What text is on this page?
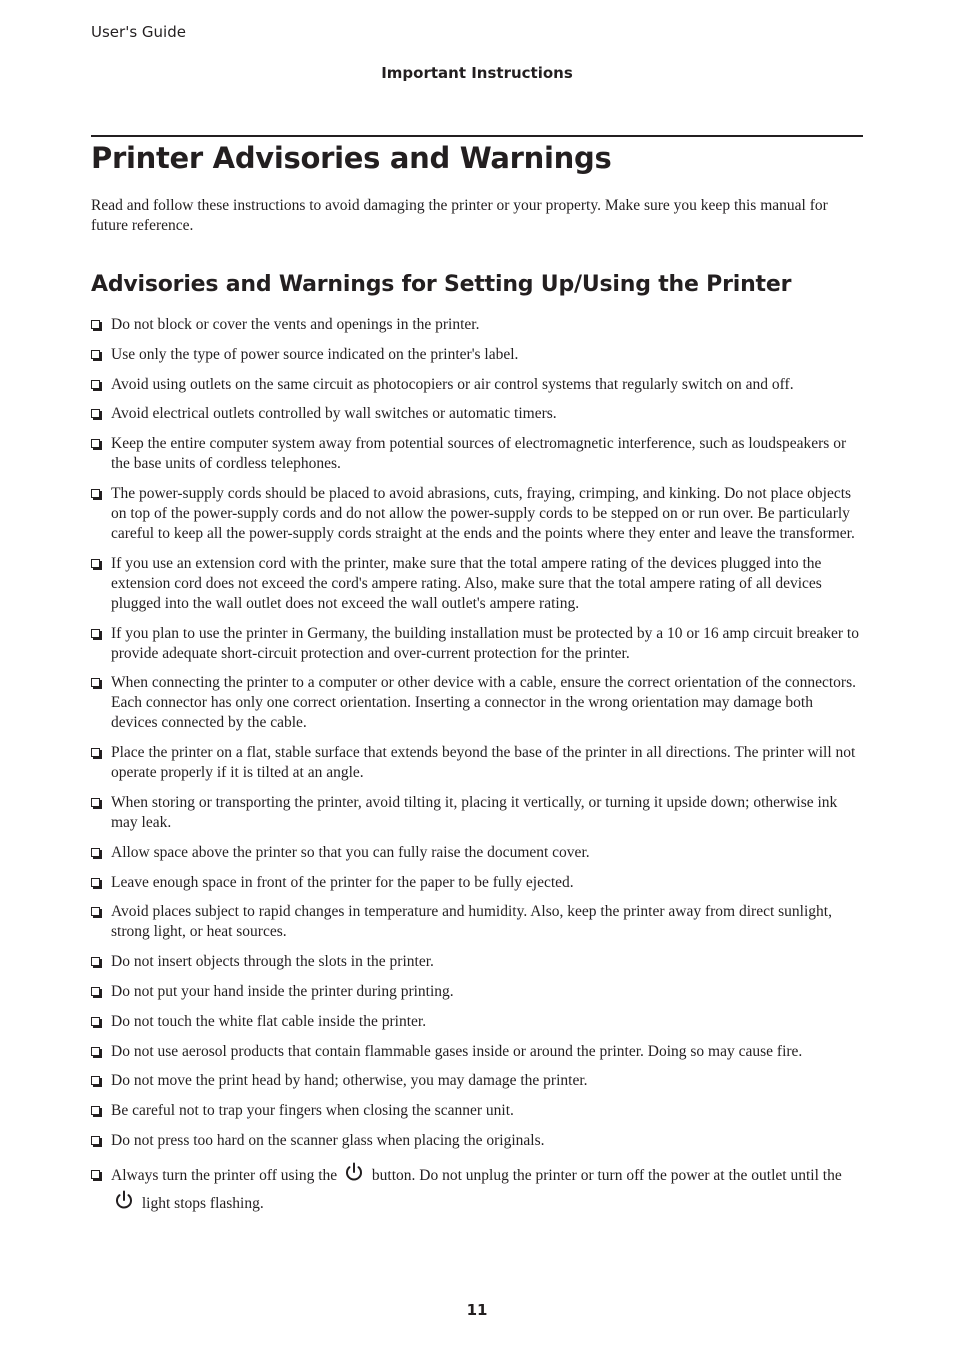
User's Guide
Important Instructions
Printer Advisories and Warnings

Read and follow these instructions to avoid damaging the printer or your property. Make sure you keep this manual for future reference.

Advisories and Warnings for Setting Up/Using the Printer
Do not block or cover the vents and openings in the printer.
Use only the type of power source indicated on the printer's label.
Avoid using outlets on the same circuit as photocopiers or air control systems that regularly switch on and off.
Avoid electrical outlets controlled by wall switches or automatic timers.
Keep the entire computer system away from potential sources of electromagnetic interference, such as loudspeakers or the base units of cordless telephones.
The power-supply cords should be placed to avoid abrasions, cuts, fraying, crimping, and kinking. Do not place objects on top of the power-supply cords and do not allow the power-supply cords to be stepped on or run over. Be particularly careful to keep all the power-supply cords straight at the ends and the points where they enter and leave the transformer.
If you use an extension cord with the printer, make sure that the total ampere rating of the devices plugged into the extension cord does not exceed the cord's ampere rating. Also, make sure that the total ampere rating of all devices plugged into the wall outlet does not exceed the wall outlet's ampere rating.
If you plan to use the printer in Germany, the building installation must be protected by a 10 or 16 amp circuit breaker to provide adequate short-circuit protection and over-current protection for the printer.
When connecting the printer to a computer or other device with a cable, ensure the correct orientation of the connectors. Each connector has only one correct orientation. Inserting a connector in the wrong orientation may damage both devices connected by the cable.
Place the printer on a flat, stable surface that extends beyond the base of the printer in all directions. The printer will not operate properly if it is tilted at an angle.
When storing or transporting the printer, avoid tilting it, placing it vertically, or turning it upside down; otherwise ink may leak.
Allow space above the printer so that you can fully raise the document cover.
Leave enough space in front of the printer for the paper to be fully ejected.
Avoid places subject to rapid changes in temperature and humidity. Also, keep the printer away from direct sunlight, strong light, or heat sources.
Do not insert objects through the slots in the printer.
Do not put your hand inside the printer during printing.
Do not touch the white flat cable inside the printer.
Do not use aerosol products that contain flammable gases inside or around the printer. Doing so may cause fire.
Do not move the print head by hand; otherwise, you may damage the printer.
Be careful not to trap your fingers when closing the scanner unit.
Do not press too hard on the scanner glass when placing the originals.
Always turn the printer off using the button. Do not unplug the printer or turn off the power at the outlet until the  light stops flashing.
11
